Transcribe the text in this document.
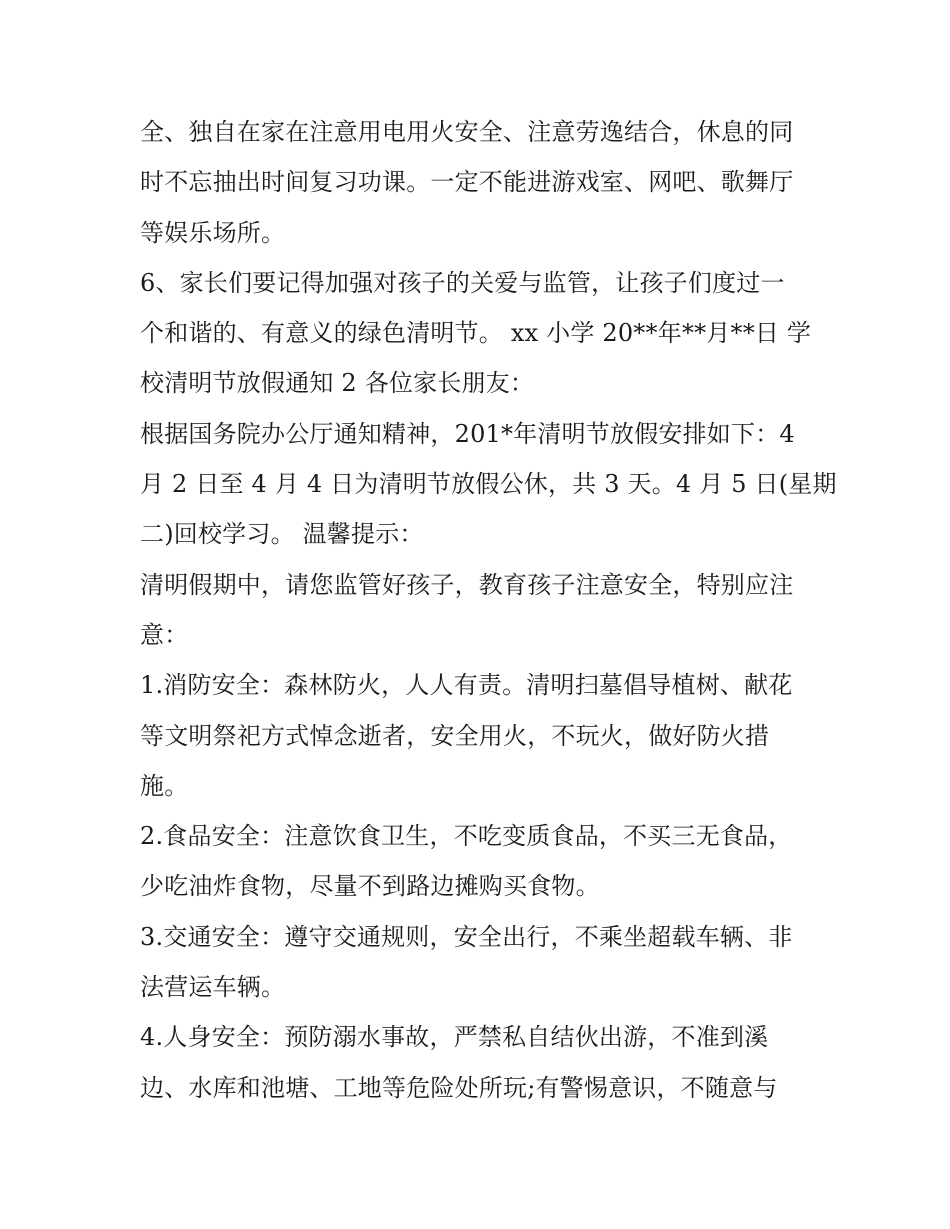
全、独自在家在注意用电用火安全、注意劳逸结合，休息的同
时不忘抽出时间复习功课。一定不能进游戏室、网吧、歌舞厅
等娱乐场所。
6、家长们要记得加强对孩子的关爱与监管，让孩子们度过一
个和谐的、有意义的绿色清明节。 xx 小学 20**年**月**日 学
校清明节放假通知 2 各位家长朋友：
根据国务院办公厅通知精神，201*年清明节放假安排如下：4
月 2 日至 4 月 4 日为清明节放假公休，共 3 天。4 月 5 日(星期
二)回校学习。 温馨提示：
清明假期中，请您监管好孩子，教育孩子注意安全，特别应注
意：
1.消防安全：森林防火，人人有责。清明扫墓倡导植树、献花
等文明祭祀方式悼念逝者，安全用火，不玩火，做好防火措
施。
2.食品安全：注意饮食卫生，不吃变质食品，不买三无食品，
少吃油炸食物，尽量不到路边摊购买食物。
3.交通安全：遵守交通规则，安全出行，不乘坐超载车辆、非
法营运车辆。
4.人身安全：预防溺水事故，严禁私自结伙出游，不准到溪
边、水库和池塘、工地等危险处所玩;有警惕意识，不随意与
